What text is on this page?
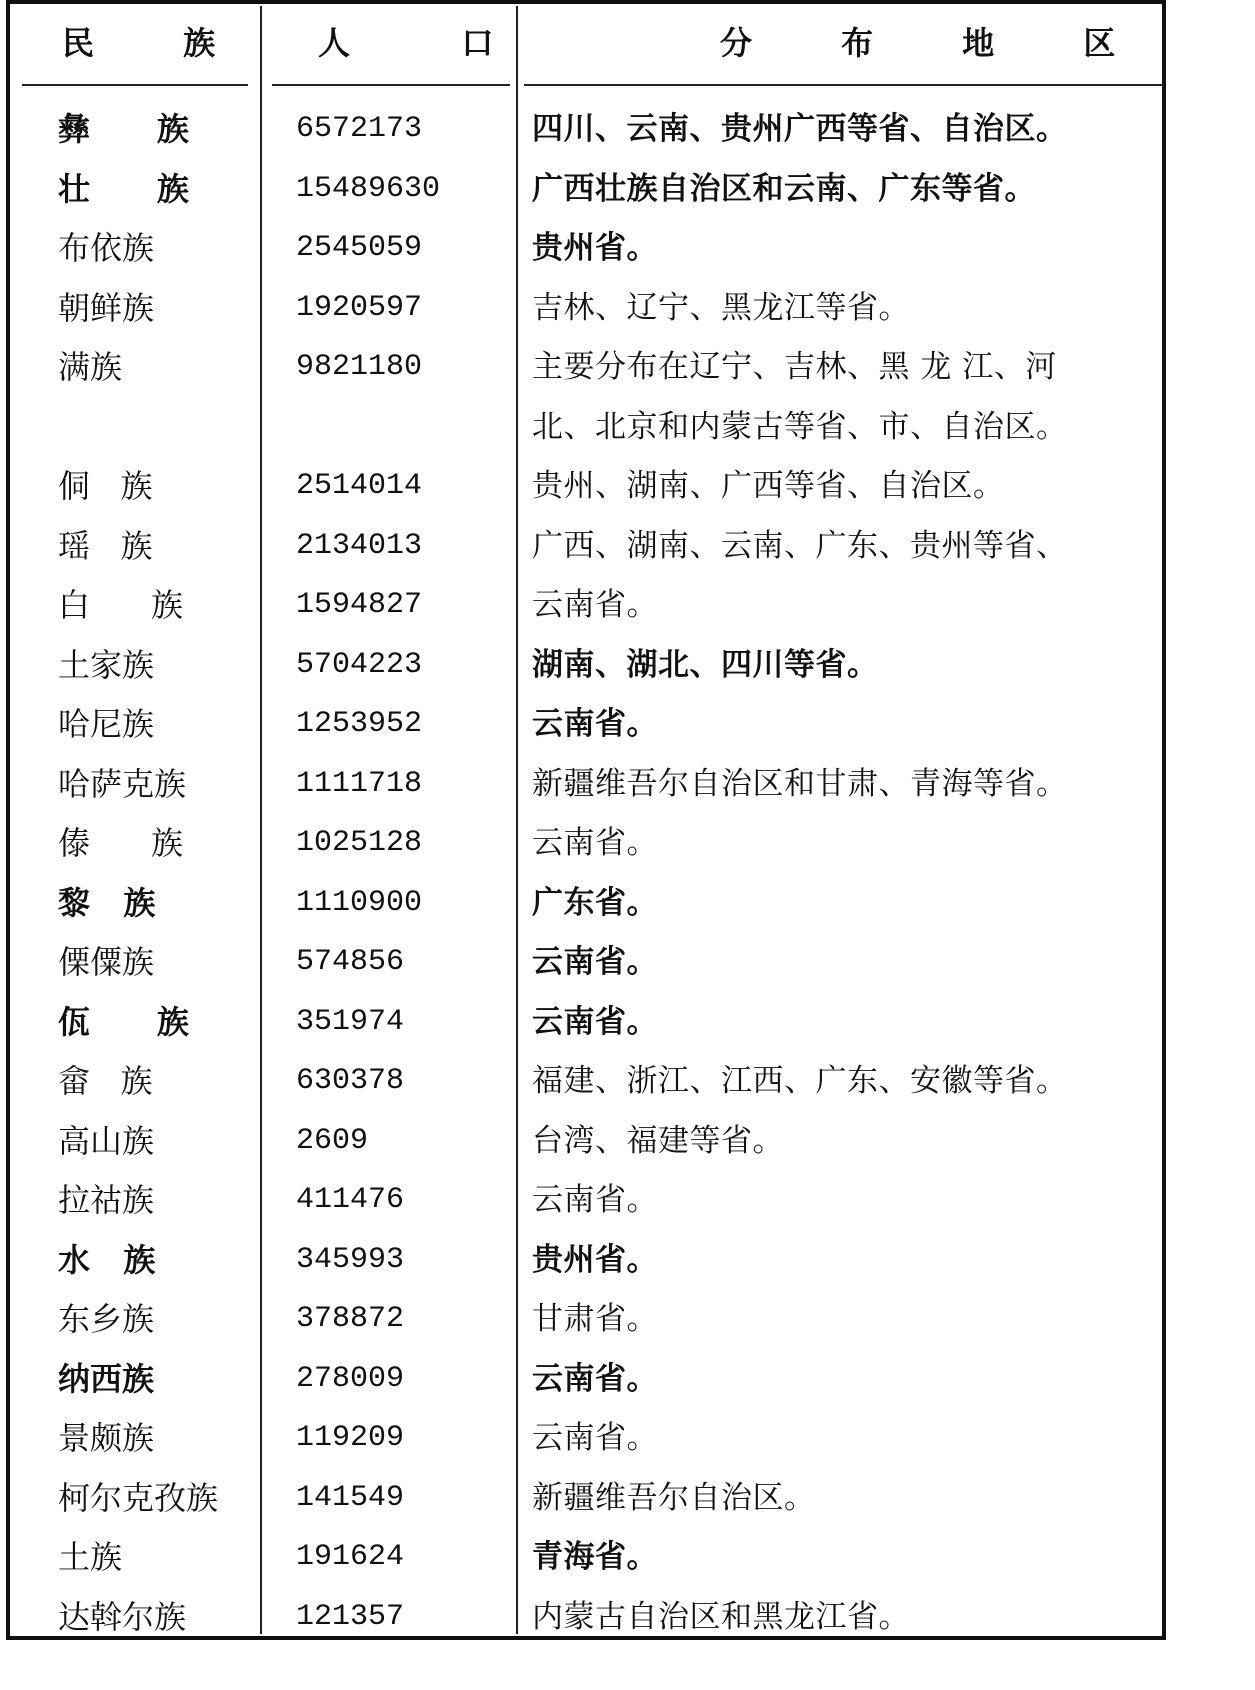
民        族	人          口	分        布        地        区
彝      族	6572173	四川、云南、贵州广西等省、自治区。
壮      族	15489630	广西壮族自治区和云南、广东等省。
布依族	2545059	贵州省。
朝鲜族	1920597	吉林、辽宁、黑龙江等省。
满族	9821180	主要分布在辽宁、吉林、黑 龙 江、河
北、北京和内蒙古等省、市、自治区。
侗   族	2514014	贵州、湖南、广西等省、自治区。
瑶   族	2134013	广西、湖南、云南、广东、贵州等省、
白      族	1594827	云南省。
土家族	5704223	湖南、湖北、四川等省。
哈尼族	1253952	云南省。
哈萨克族	1111718	新疆维吾尔自治区和甘肃、青海等省。
傣      族	1025128	云南省。
黎   族	1110900	广东省。
傈僳族	574856	云南省。
佤      族	351974	云南省。
畲   族	630378	福建、浙江、江西、广东、安徽等省。
高山族	2609	台湾、福建等省。
拉祜族	411476	云南省。
水   族	345993	贵州省。
东乡族	378872	甘肃省。
纳西族	278009	云南省。
景颇族	119209	云南省。
柯尔克孜族	141549	新疆维吾尔自治区。
土族	191624	青海省。
达斡尔族	121357	内蒙古自治区和黑龙江省。
